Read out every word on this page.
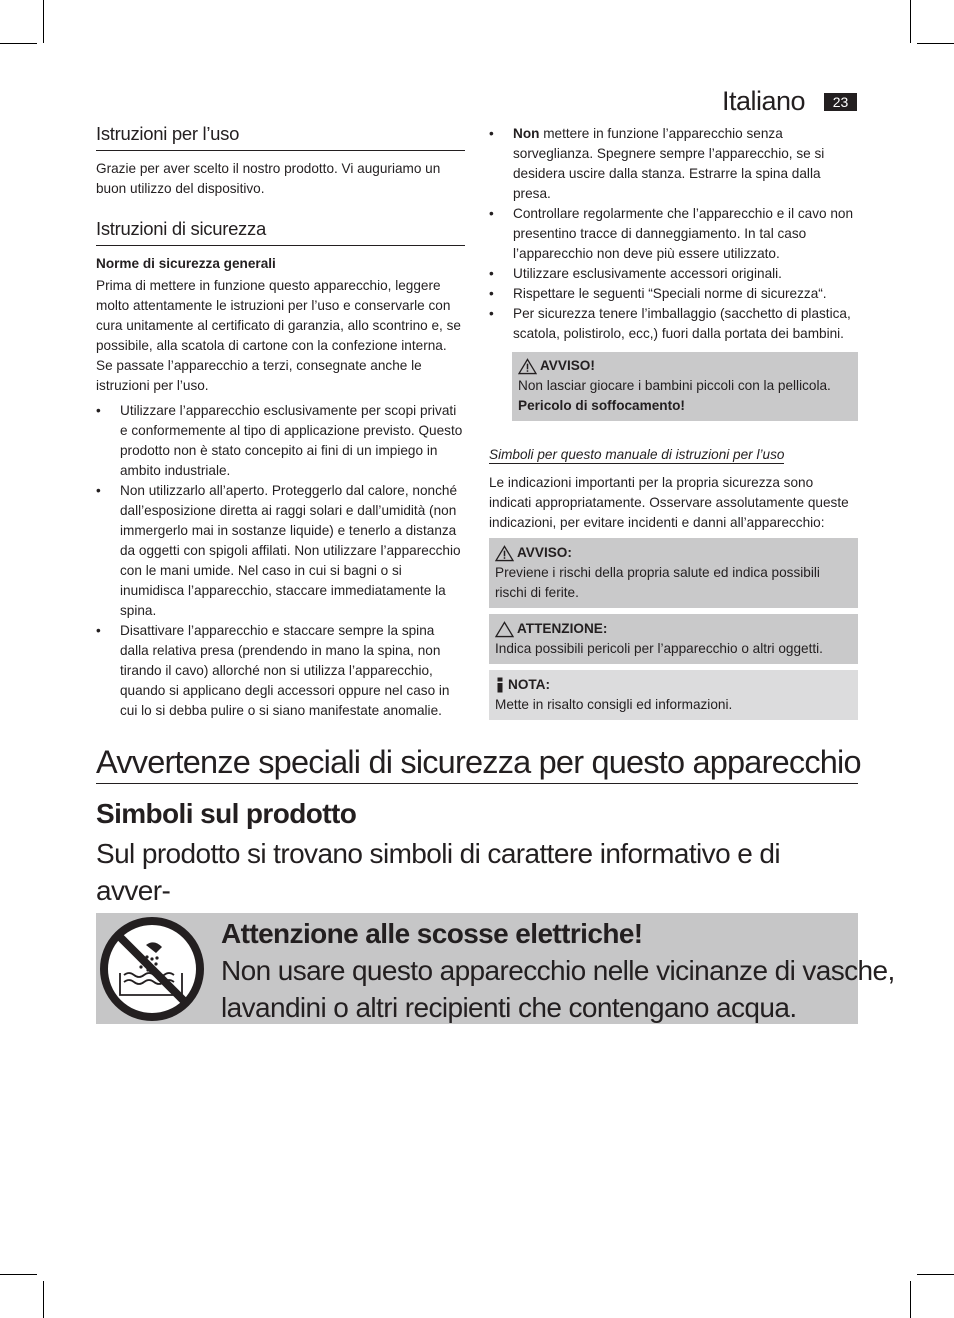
Italiano	23
Istruzioni per l’uso

Grazie per aver scelto il nostro prodotto. Vi auguriamo un buon utilizzo del dispositivo.

Istruzioni di sicurezza

Norme di sicurezza generali

Prima di mettere in funzione questo apparecchio, leggere molto attentamente le istruzioni per l’uso e conservarle con cura unitamente al certificato di garanzia, allo scontrino e, se possibile, alla scatola di cartone con la confezione interna. Se passate l’apparecchio a terzi, consegnate anche le istruzioni per l’uso.

• Utilizzare l’apparecchio esclusivamente per scopi privati e conformemente al tipo di applicazione previsto. Questo prodotto non è stato concepito ai fini di un impiego in ambito industriale.
• Non utilizzarlo all’aperto. Proteggerlo dal calore, nonché dall’esposizione diretta ai raggi solari e dall’umidità (non immergerlo mai in sostanze liquide) e tenerlo a distanza da oggetti con spigoli affilati. Non utilizzare l’apparecchio con le mani umide. Nel caso in cui si bagni o si inumidisca l’apparecchio, staccare immediatamente la spina.
• Disattivare l’apparecchio e staccare sempre la spina dalla relativa presa (prendendo in mano la spina, non tirando il cavo) allorché non si utilizza l’apparecchio, quando si applicano degli accessori oppure nel caso in cui lo si debba pulire o si siano manifestate anomalie.
• Non mettere in funzione l’apparecchio senza sorveglianza. Spegnere sempre l’apparecchio, se si desidera uscire dalla stanza. Estrarre la spina dalla presa.
• Controllare regolarmente che l’apparecchio e il cavo non presentino tracce di danneggiamento. In tal caso l’apparecchio non deve più essere utilizzato.
• Utilizzare esclusivamente accessori originali.
• Rispettare le seguenti “Speciali norme di sicurezza“.
• Per sicurezza tenere l’imballaggio (sacchetto di plastica, scatola, polistirolo, ecc,) fuori dalla portata dei bambini.
AVVISO!

Non lasciar giocare i bambini piccoli con la pellicola.

Pericolo di soffocamento!

Simboli per questo manuale di istruzioni per l’uso

Le indicazioni importanti per la propria sicurezza sono indicati appropriatamente. Osservare assolutamente queste indicazioni, per evitare incidenti e danni all’apparecchio:

AVVISO:

Previene i rischi della propria salute ed indica possibili rischi di ferite.

ATTENZIONE:

Indica possibili pericoli per l’apparecchio o altri oggetti.

NOTA:

Mette in risalto consigli ed informazioni.

Avvertenze speciali di sicurezza per questo apparecchio
Simboli sul prodotto
Sul prodotto si trovano simboli di carattere informativo e di avver-

Attenzione alle scosse elettriche!
Non usare questo apparecchio nelle vicinanze di vasche,
lavandini o altri recipienti che contengano acqua.
